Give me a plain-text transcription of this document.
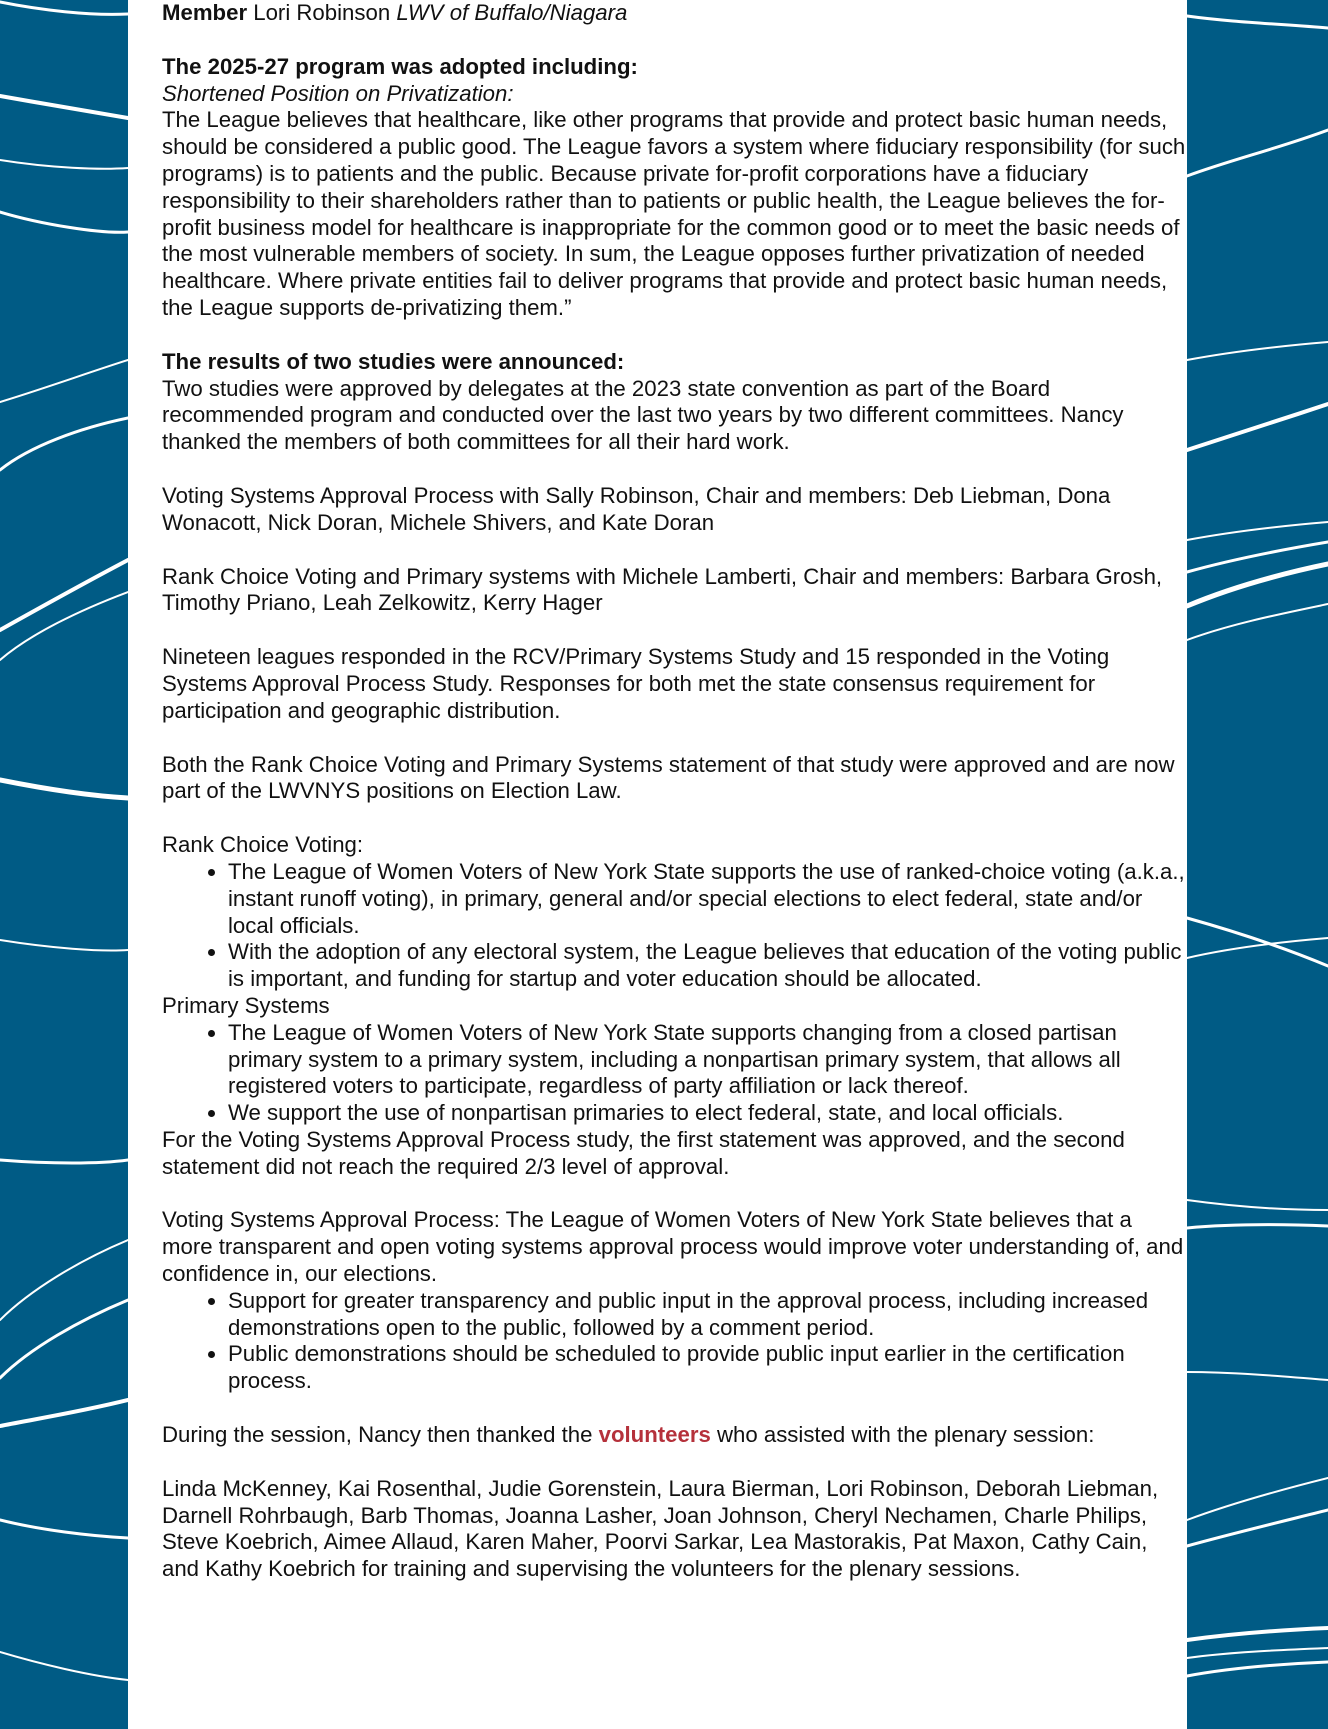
Member Lori Robinson LWV of Buffalo/Niagara

The 2025-27 program was adopted including:

Shortened Position on Privatization:

The League believes that healthcare, like other programs that provide and protect basic human needs, should be considered a public good. The League favors a system where fiduciary responsibility (for such programs) is to patients and the public. Because private for-profit corporations have a fiduciary responsibility to their shareholders rather than to patients or public health, the League believes the for-profit business model for healthcare is inappropriate for the common good or to meet the basic needs of the most vulnerable members of society. In sum, the League opposes further privatization of needed healthcare. Where private entities fail to deliver programs that provide and protect basic human needs, the League supports de-privatizing them.”

The results of two studies were announced:

Two studies were approved by delegates at the 2023 state convention as part of the Board recommended program and conducted over the last two years by two different committees. Nancy thanked the members of both committees for all their hard work.

Voting Systems Approval Process with Sally Robinson, Chair and members: Deb Liebman, Dona Wonacott, Nick Doran, Michele Shivers, and Kate Doran

Rank Choice Voting and Primary systems with Michele Lamberti, Chair and members: Barbara Grosh, Timothy Priano, Leah Zelkowitz, Kerry Hager

Nineteen leagues responded in the RCV/Primary Systems Study and 15 responded in the Voting Systems Approval Process Study. Responses for both met the state consensus requirement for participation and geographic distribution.

Both the Rank Choice Voting and Primary Systems statement of that study were approved and are now part of the LWVNYS positions on Election Law.

Rank Choice Voting:

• The League of Women Voters of New York State supports the use of ranked-choice voting (a.k.a., instant runoff voting), in primary, general and/or special elections to elect federal, state and/or local officials.
• With the adoption of any electoral system, the League believes that education of the voting public is important, and funding for startup and voter education should be allocated.

Primary Systems

• The League of Women Voters of New York State supports changing from a closed partisan primary system to a primary system, including a nonpartisan primary system, that allows all registered voters to participate, regardless of party affiliation or lack thereof.
• We support the use of nonpartisan primaries to elect federal, state, and local officials.

For the Voting Systems Approval Process study, the first statement was approved, and the second statement did not reach the required 2/3 level of approval.

Voting Systems Approval Process: The League of Women Voters of New York State believes that a more transparent and open voting systems approval process would improve voter understanding of, and confidence in, our elections.

• Support for greater transparency and public input in the approval process, including increased demonstrations open to the public, followed by a comment period.
• Public demonstrations should be scheduled to provide public input earlier in the certification process.

During the session, Nancy then thanked the volunteers who assisted with the plenary session:

Linda McKenney, Kai Rosenthal, Judie Gorenstein, Laura Bierman, Lori Robinson, Deborah Liebman, Darnell Rohrbaugh, Barb Thomas, Joanna Lasher, Joan Johnson, Cheryl Nechamen, Charle Philips, Steve Koebrich, Aimee Allaud, Karen Maher, Poorvi Sarkar, Lea Mastorakis, Pat Maxon, Cathy Cain, and Kathy Koebrich for training and supervising the volunteers for the plenary sessions.
